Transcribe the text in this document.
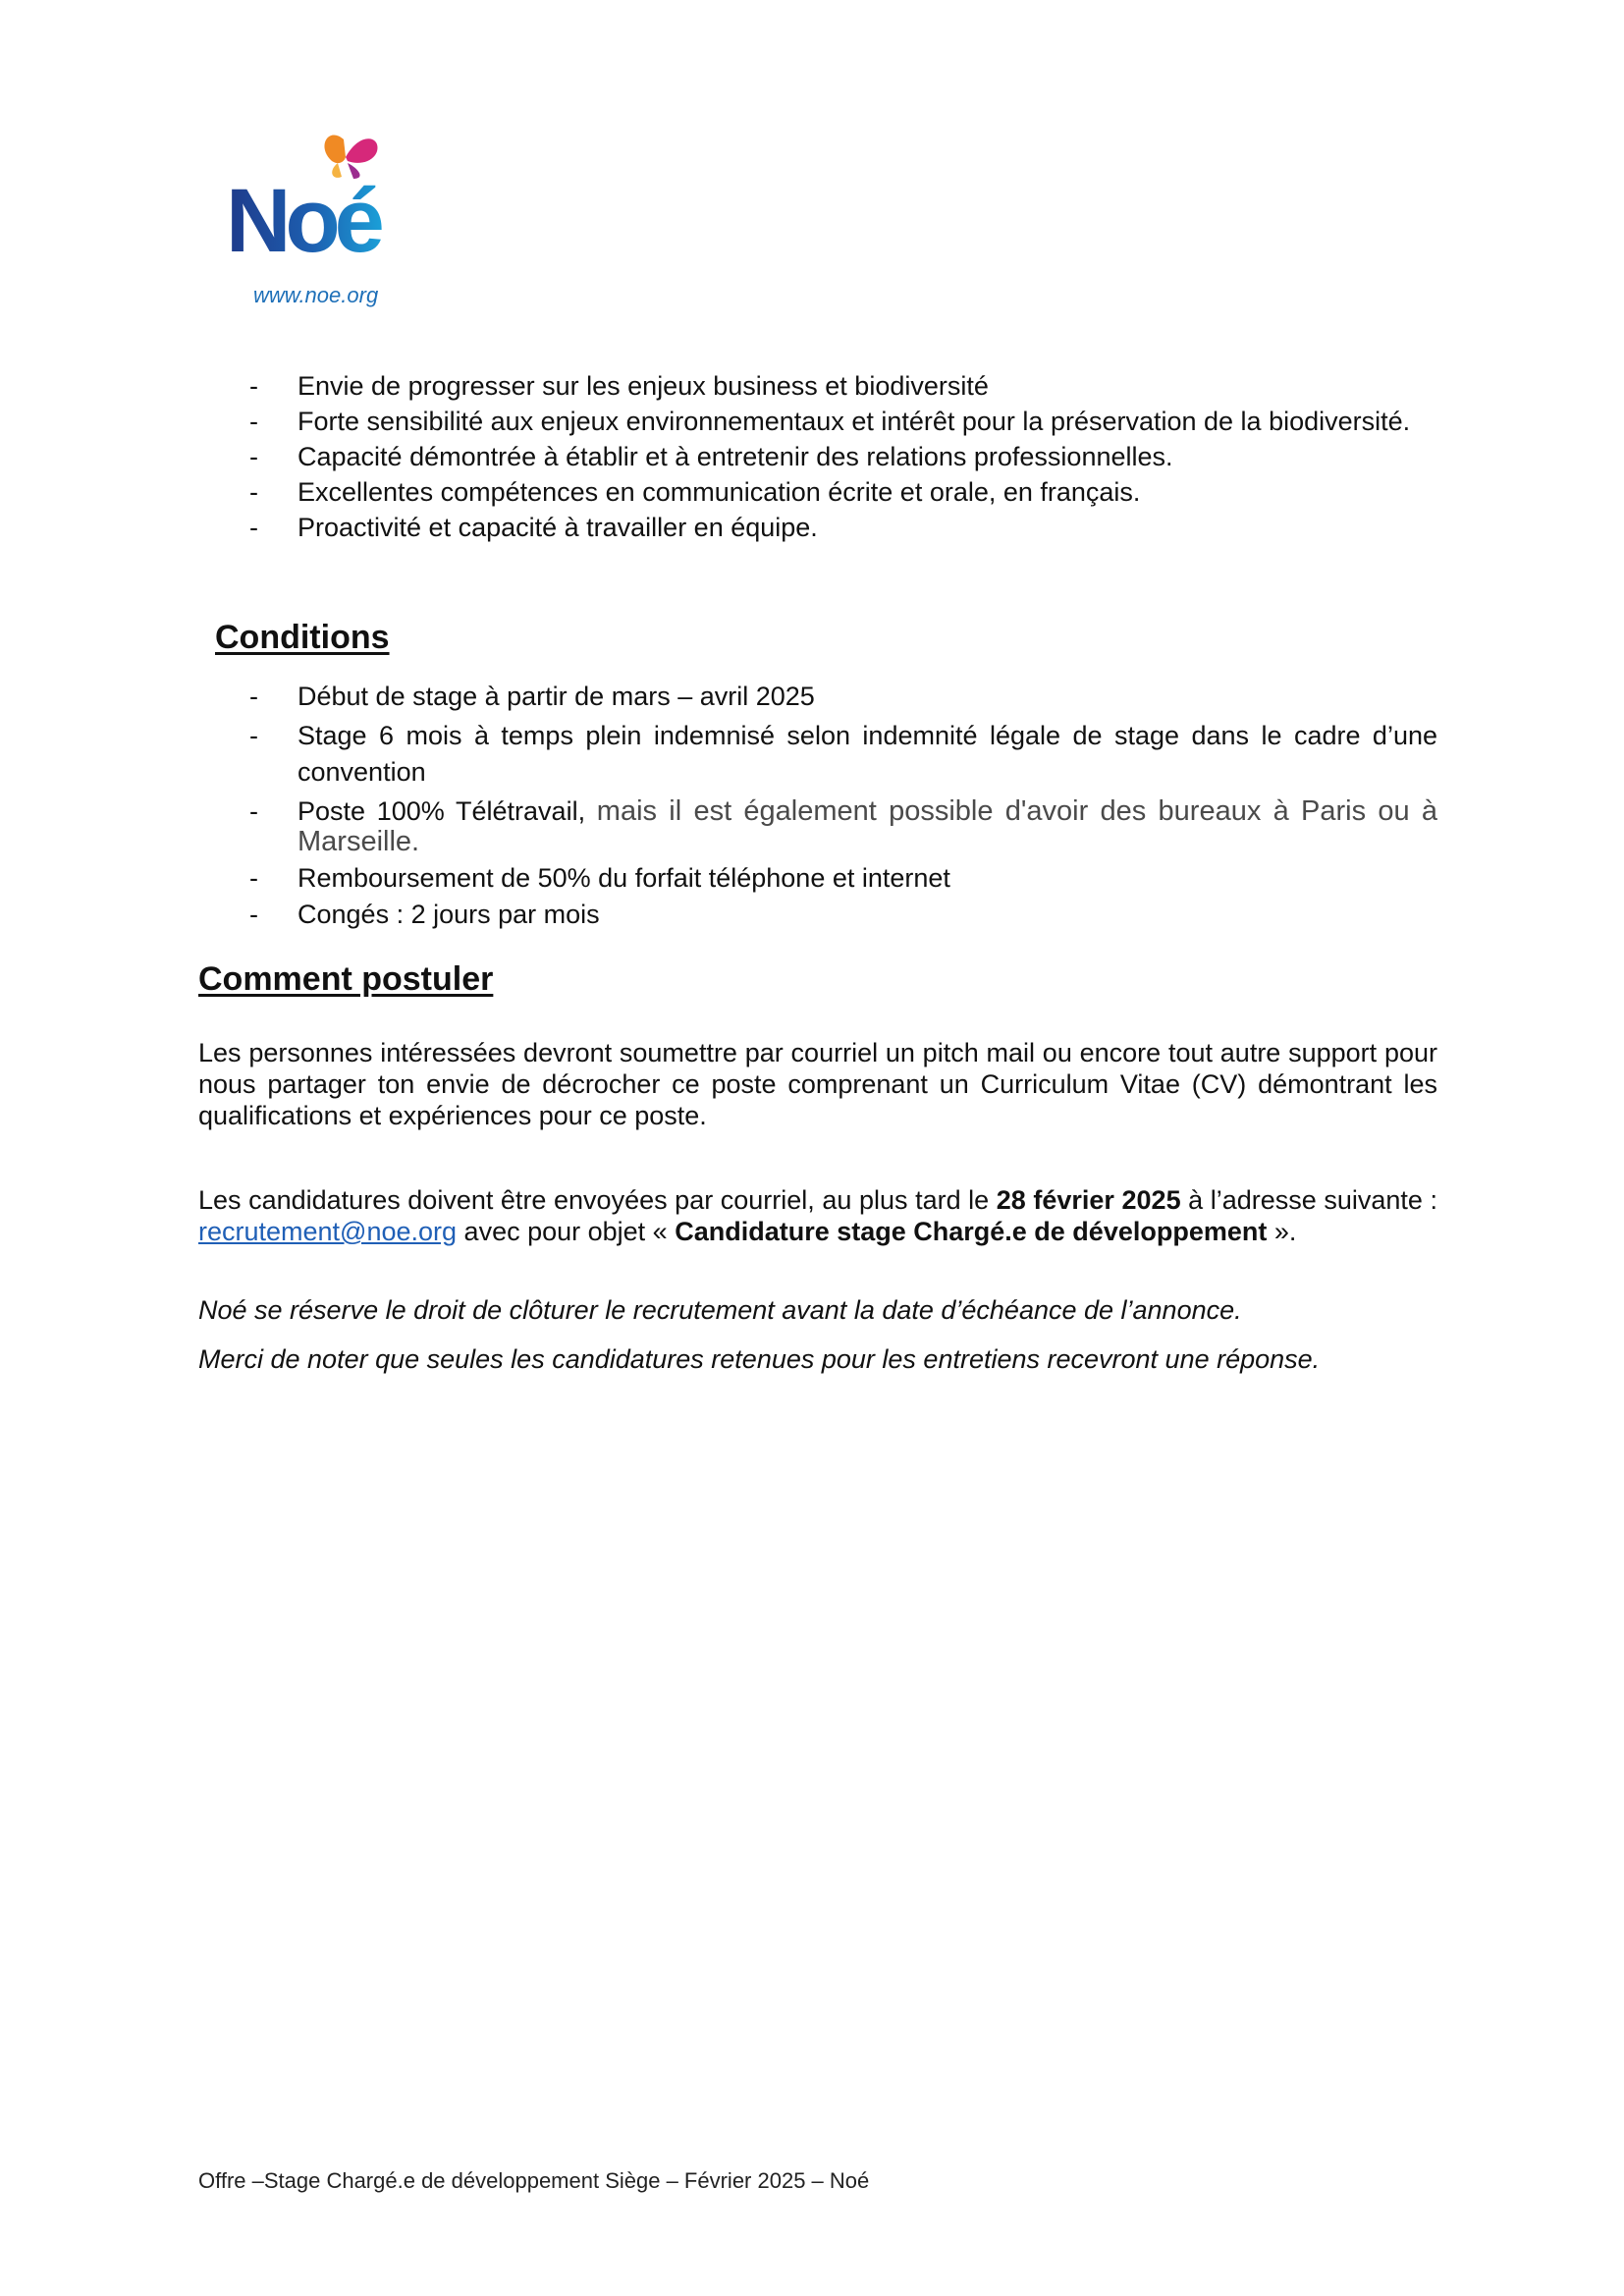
Noé
www.noe.org
- Envie de progresser sur les enjeux business et biodiversité
- Forte sensibilité aux enjeux environnementaux et intérêt pour la préservation de la biodiversité.
- Capacité démontrée à établir et à entretenir des relations professionnelles.
- Excellentes compétences en communication écrite et orale, en français.
- Proactivité et capacité à travailler en équipe.
Conditions
- Début de stage à partir de mars – avril 2025
- Stage 6 mois à temps plein indemnisé selon indemnité légale de stage dans le cadre d’une convention
- Poste 100% Télétravail, mais il est également possible d'avoir des bureaux à Paris ou à Marseille.
- Remboursement de 50% du forfait téléphone et internet
- Congés : 2 jours par mois
Comment postuler

Les personnes intéressées devront soumettre par courriel un pitch mail ou encore tout autre support pour nous partager ton envie de décrocher ce poste comprenant un Curriculum Vitae (CV) démontrant les qualifications et expériences pour ce poste.

Les candidatures doivent être envoyées par courriel, au plus tard le 28 février 2025 à l’adresse suivante : recrutement@noe.org avec pour objet « Candidature stage Chargé.e de développement ».

Noé se réserve le droit de clôturer le recrutement avant la date d’échéance de l’annonce.

Merci de noter que seules les candidatures retenues pour les entretiens recevront une réponse.

Offre –Stage Chargé.e de développement Siège – Février 2025 – Noé
